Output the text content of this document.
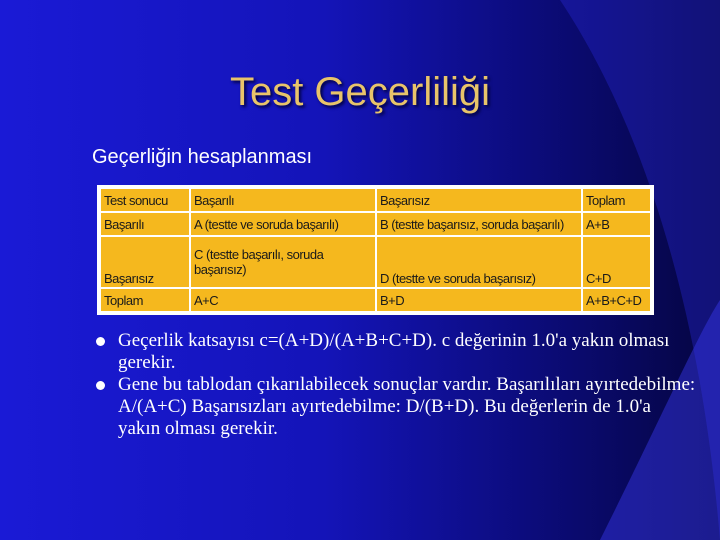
Test Geçerliliği
Geçerliğin hesaplanması
Test sonucu	Başarılı	Başarısız	Toplam
Başarılı	A (testte ve soruda başarılı)	B (testte başarısız, soruda başarılı)	A+B
Başarısız	C (testte başarılı, soruda başarısız)	D (testte ve soruda başarısız)	C+D
Toplam	A+C	B+D	A+B+C+D
Geçerlik katsayısı c=(A+D)/(A+B+C+D). c değerinin 1.0'a yakın olması gerekir.
Gene bu tablodan çıkarılabilecek sonuçlar vardır. Başarılıları ayırtedebilme: A/(A+C) Başarısızları ayırtedebilme: D/(B+D). Bu değerlerin de 1.0'a yakın olması gerekir.
